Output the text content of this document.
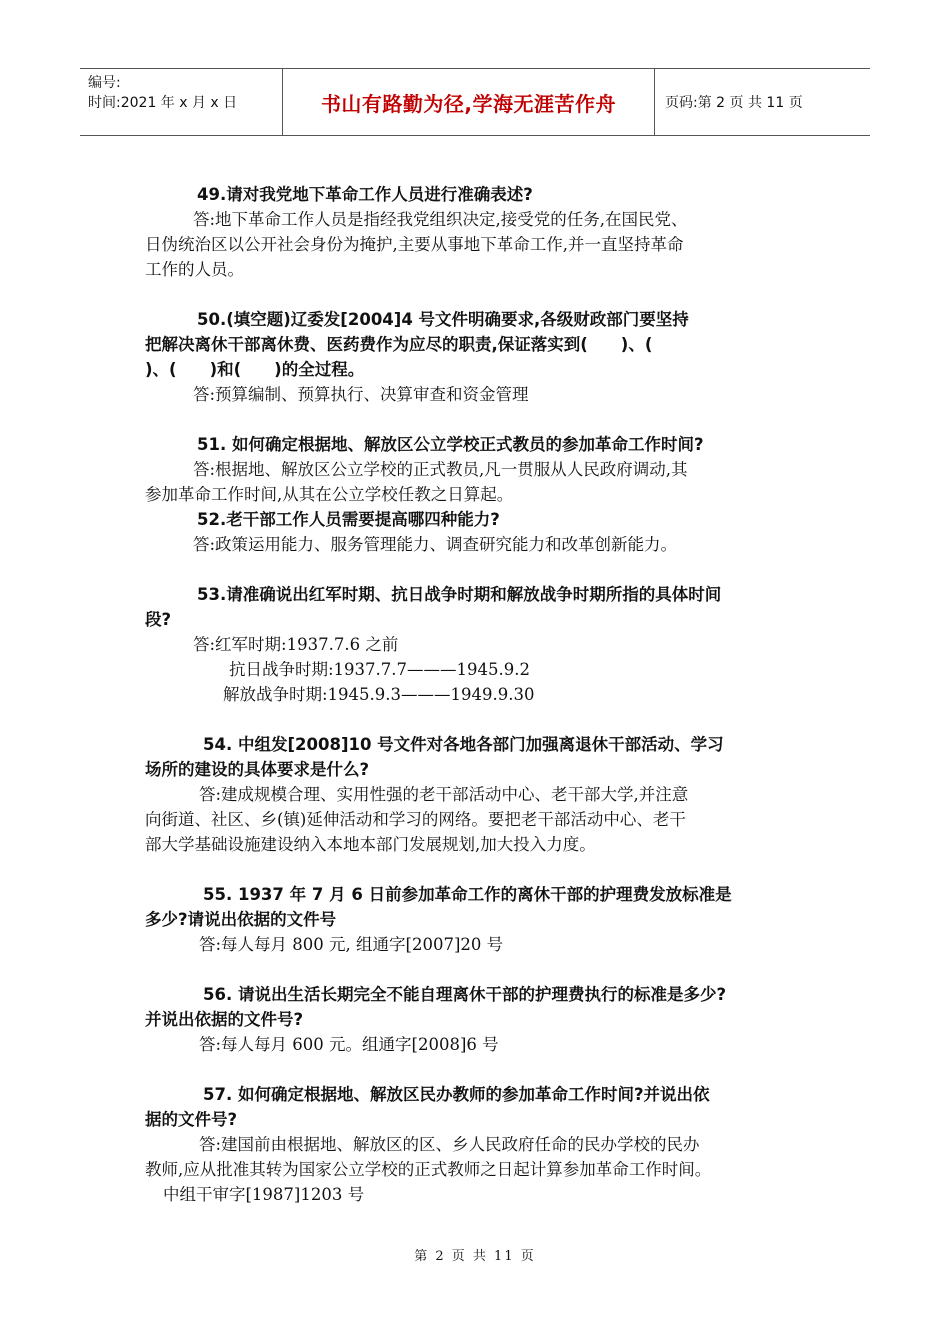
编号:
时间:2021 年 x 月 x 日	书山有路勤为径,学海无涯苦作舟	页码:第 2 页 共 11 页
49.请对我党地下革命工作人员进行准确表述?
答:地下革命工作人员是指经我党组织决定,接受党的任务,在国民党、
日伪统治区以公开社会身份为掩护,主要从事地下革命工作,并一直坚持革命
工作的人员。
50.(填空题)辽委发[2004]4 号文件明确要求,各级财政部门要坚持
把解决离休干部离休费、医药费作为应尽的职责,保证落实到(　　)、(
)、(　　)和(　　)的全过程。
答:预算编制、预算执行、决算审查和资金管理
51. 如何确定根据地、解放区公立学校正式教员的参加革命工作时间?
答:根据地、解放区公立学校的正式教员,凡一贯服从人民政府调动,其
参加革命工作时间,从其在公立学校任教之日算起。
52.老干部工作人员需要提高哪四种能力?
答:政策运用能力、服务管理能力、调查研究能力和改革创新能力。
53.请准确说出红军时期、抗日战争时期和解放战争时期所指的具体时间
段?
答:红军时期:1937.7.6 之前
抗日战争时期:1937.7.7———1945.9.2
解放战争时期:1945.9.3———1949.9.30
54. 中组发[2008]10 号文件对各地各部门加强离退休干部活动、学习
场所的建设的具体要求是什么?
答:建成规模合理、实用性强的老干部活动中心、老干部大学,并注意
向街道、社区、乡(镇)延伸活动和学习的网络。要把老干部活动中心、老干
部大学基础设施建设纳入本地本部门发展规划,加大投入力度。
55. 1937 年 7 月 6 日前参加革命工作的离休干部的护理费发放标准是
多少?请说出依据的文件号
答:每人每月 800 元, 组通字[2007]20 号
56. 请说出生活长期完全不能自理离休干部的护理费执行的标准是多少?
并说出依据的文件号?
答:每人每月 600 元。组通字[2008]6 号
57. 如何确定根据地、解放区民办教师的参加革命工作时间?并说出依
据的文件号?
答:建国前由根据地、解放区的区、乡人民政府任命的民办学校的民办
教师,应从批准其转为国家公立学校的正式教师之日起计算参加革命工作时间。
中组干审字[1987]1203 号
第 2 页 共 11 页
